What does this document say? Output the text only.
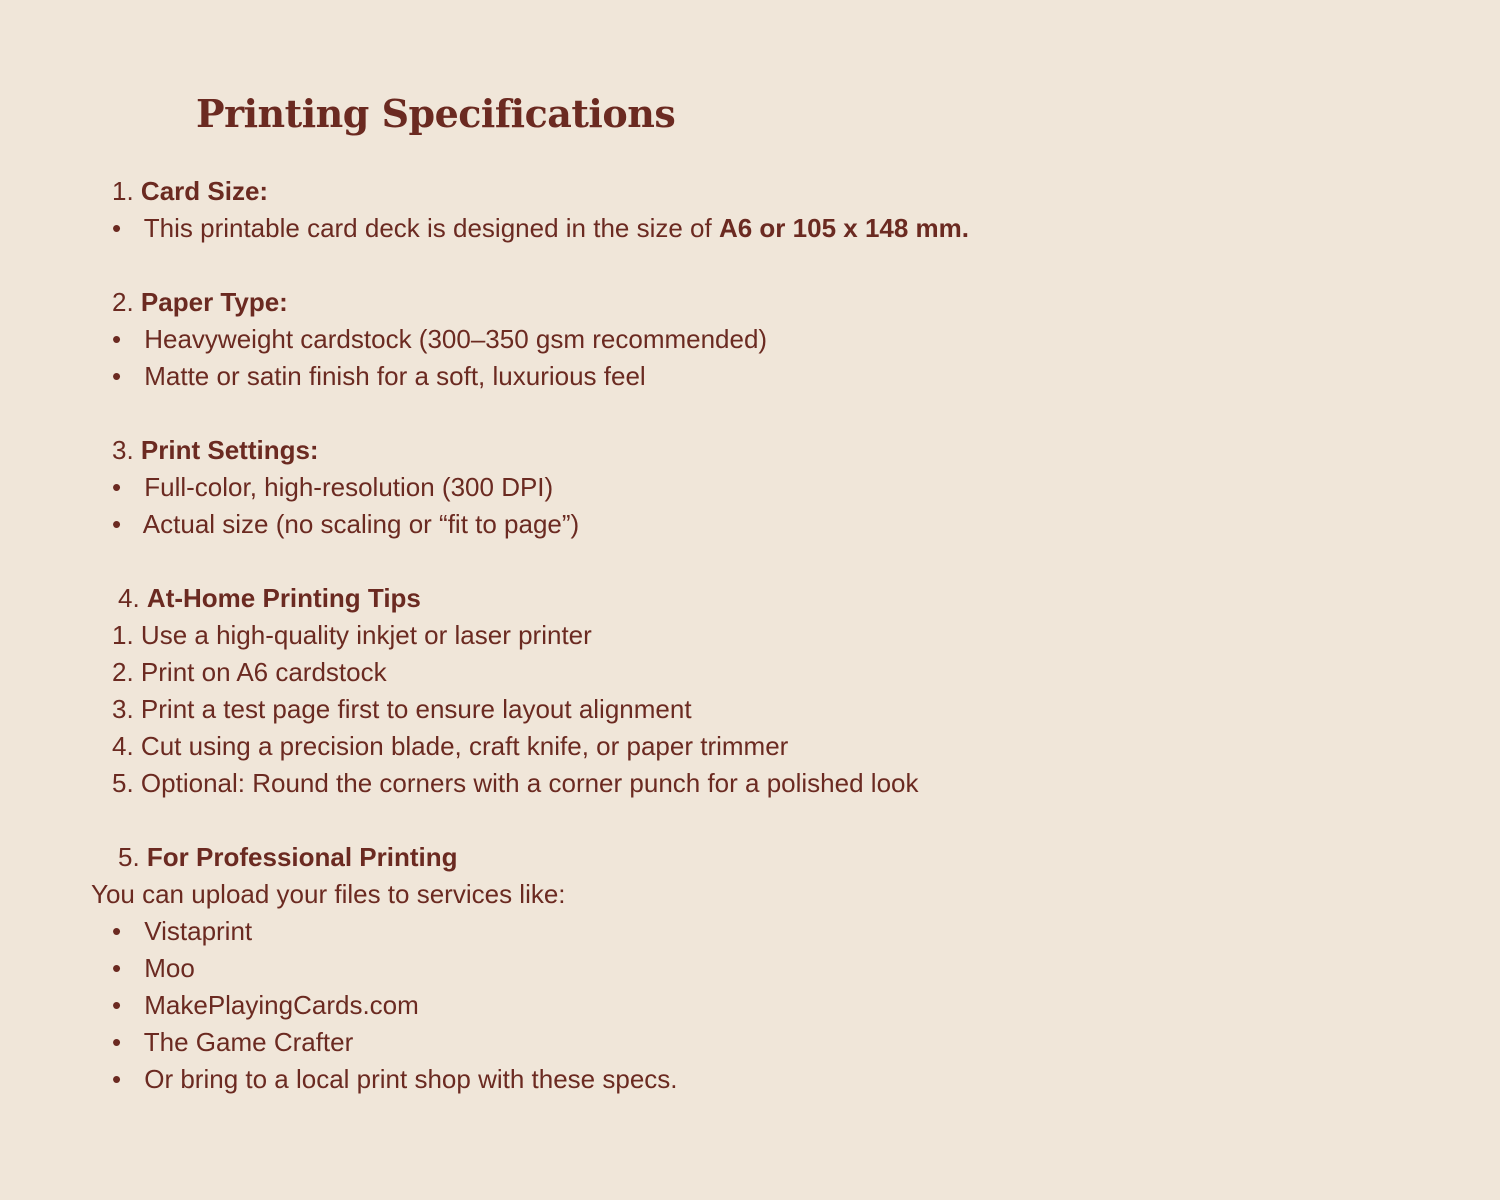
Printing Specifications
1. Card Size:
• This printable card deck is designed in the size of A6 or 105 x 148 mm.
2. Paper Type:
• Heavyweight cardstock (300–350 gsm recommended)
• Matte or satin finish for a soft, luxurious feel
3. Print Settings:
• Full-color, high-resolution (300 DPI)
• Actual size (no scaling or “fit to page”)
4. At-Home Printing Tips
1. Use a high-quality inkjet or laser printer
2. Print on A6 cardstock
3. Print a test page first to ensure layout alignment
4. Cut using a precision blade, craft knife, or paper trimmer
5. Optional: Round the corners with a corner punch for a polished look
5. For Professional Printing
You can upload your files to services like:
• Vistaprint
• Moo
• MakePlayingCards.com
• The Game Crafter
• Or bring to a local print shop with these specs.
